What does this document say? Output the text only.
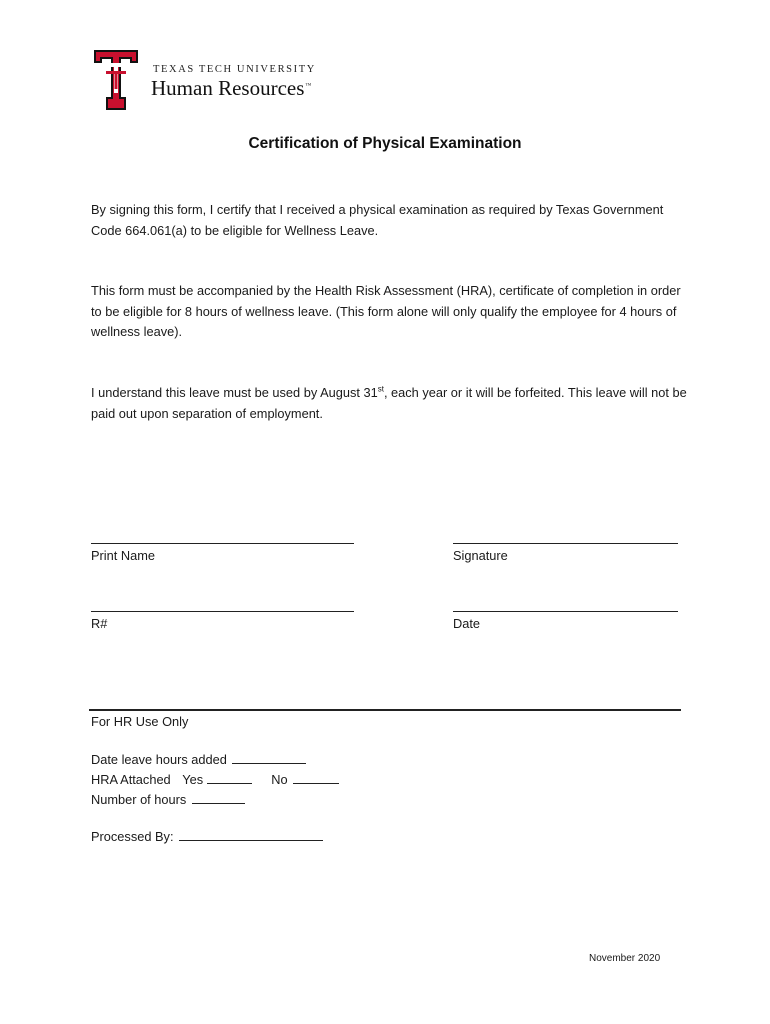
TEXAS TECH UNIVERSITY
Human Resources™
Certification of Physical Examination
By signing this form, I certify that I received a physical examination as required by Texas Government Code 664.061(a) to be eligible for Wellness Leave.
This form must be accompanied by the Health Risk Assessment (HRA), certificate of completion in order to be eligible for 8 hours of wellness leave. (This form alone will only qualify the employee for 4 hours of wellness leave).
I understand this leave must be used by August 31st, each year or it will be forfeited. This leave will not be paid out upon separation of employment.
Print Name	Signature
R#	Date
For HR Use Only
Date leave hours added
HRA Attached Yes	No
Number of hours
Processed By:
November 2020
